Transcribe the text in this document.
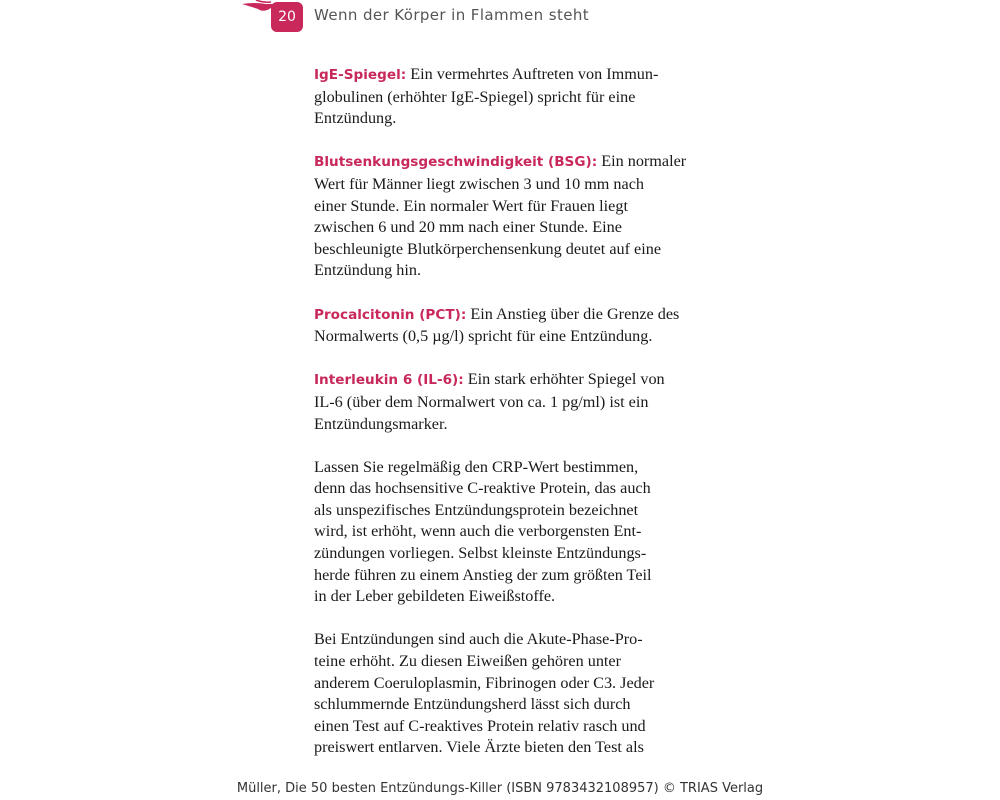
20	Wenn der Körper in Flammen steht

IgE-Spiegel: Ein vermehrtes Auftreten von Immun-
globulinen (erhöhter IgE-Spiegel) spricht für eine
Entzündung.

Blutsenkungsgeschwindigkeit (BSG): Ein normaler
Wert für Männer liegt zwischen 3 und 10 mm nach
einer Stunde. Ein normaler Wert für Frauen liegt
zwischen 6 und 20 mm nach einer Stunde. Eine
beschleunigte Blutkörperchensenkung deutet auf eine
Entzündung hin.

Procalcitonin (PCT): Ein Anstieg über die Grenze des
Normalwerts (0,5 µg/l) spricht für eine Entzündung.

Interleukin 6 (IL-6): Ein stark erhöhter Spiegel von
IL-6 (über dem Normalwert von ca. 1 pg/ml) ist ein
Entzündungsmarker.

Lassen Sie regelmäßig den CRP-Wert bestimmen,
denn das hochsensitive C-reaktive Protein, das auch
als unspezifisches Entzündungsprotein bezeichnet
wird, ist erhöht, wenn auch die verborgensten Ent-
zündungen vorliegen. Selbst kleinste Entzündungs-
herde führen zu einem Anstieg der zum größten Teil
in der Leber gebildeten Eiweißstoffe.

Bei Entzündungen sind auch die Akute-Phase-Pro-
teine erhöht. Zu diesen Eiweißen gehören unter
anderem Coeruloplasmin, Fibrinogen oder C3. Jeder
schlummernde Entzündungsherd lässt sich durch
einen Test auf C-reaktives Protein relativ rasch und
preiswert entlarven. Viele Ärzte bieten den Test als

Müller, Die 50 besten Entzündungs-Killer (ISBN 9783432108957) © TRIAS Verlag
